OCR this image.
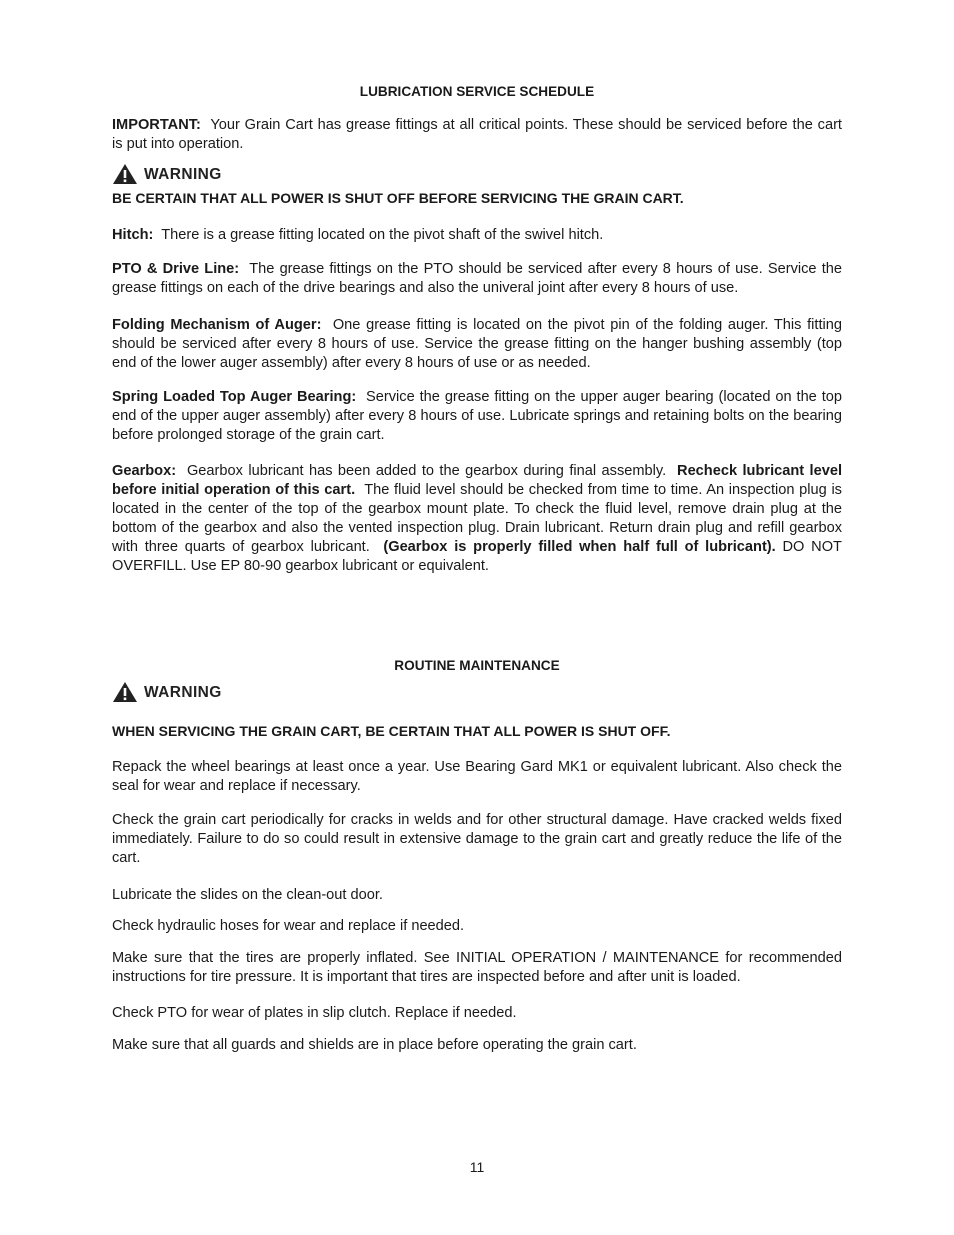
LUBRICATION SERVICE SCHEDULE
IMPORTANT: Your Grain Cart has grease fittings at all critical points. These should be serviced before the cart is put into operation.
WARNING
BE CERTAIN THAT ALL POWER IS SHUT OFF BEFORE SERVICING THE GRAIN CART.
Hitch: There is a grease fitting located on the pivot shaft of the swivel hitch.
PTO & Drive Line: The grease fittings on the PTO should be serviced after every 8 hours of use. Service the grease fittings on each of the drive bearings and also the univeral joint after every 8 hours of use.
Folding Mechanism of Auger: One grease fitting is located on the pivot pin of the folding auger. This fitting should be serviced after every 8 hours of use. Service the grease fitting on the hanger bushing assembly (top end of the lower auger assembly) after every 8 hours of use or as needed.
Spring Loaded Top Auger Bearing: Service the grease fitting on the upper auger bearing (located on the top end of the upper auger assembly) after every 8 hours of use. Lubricate springs and retaining bolts on the bearing before prolonged storage of the grain cart.
Gearbox: Gearbox lubricant has been added to the gearbox during final assembly. Recheck lubricant level before initial operation of this cart. The fluid level should be checked from time to time. An inspection plug is located in the center of the top of the gearbox mount plate. To check the fluid level, remove drain plug at the bottom of the gearbox and also the vented inspection plug. Drain lubricant. Return drain plug and refill gearbox with three quarts of gearbox lubricant. (Gearbox is properly filled when half full of lubricant). DO NOT OVERFILL. Use EP 80-90 gearbox lubricant or equivalent.
ROUTINE MAINTENANCE
WARNING
WHEN SERVICING THE GRAIN CART, BE CERTAIN THAT ALL POWER IS SHUT OFF.
Repack the wheel bearings at least once a year. Use Bearing Gard MK1 or equivalent lubricant. Also check the seal for wear and replace if necessary.
Check the grain cart periodically for cracks in welds and for other structural damage. Have cracked welds fixed immediately. Failure to do so could result in extensive damage to the grain cart and greatly reduce the life of the cart.
Lubricate the slides on the clean-out door.
Check hydraulic hoses for wear and replace if needed.
Make sure that the tires are properly inflated. See INITIAL OPERATION / MAINTENANCE for recommended instructions for tire pressure. It is important that tires are inspected before and after unit is loaded.
Check PTO for wear of plates in slip clutch. Replace if needed.
Make sure that all guards and shields are in place before operating the grain cart.
11
